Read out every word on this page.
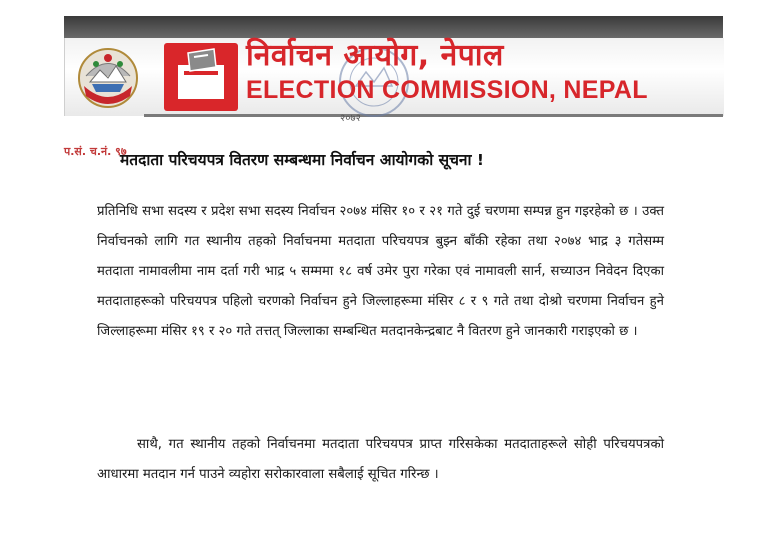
निर्वाचन आयोग, नेपाल
ELECTION COMMISSION, NEPAL
२०७२
प.सं. च.नं. ९७
मतदाता परिचयपत्र वितरण सम्बन्धमा निर्वाचन आयोगको सूचना !
प्रतिनिधि सभा सदस्य र प्रदेश सभा सदस्य निर्वाचन २०७४ मंसिर १० र २१ गते दुई चरणमा सम्पन्न हुन गइरहेको छ । उक्त निर्वाचनको लागि गत स्थानीय तहको निर्वाचनमा मतदाता परिचयपत्र बुझ्न बाँकी रहेका तथा २०७४ भाद्र ३ गतेसम्म मतदाता नामावलीमा नाम दर्ता गरी भाद्र ५ सम्ममा १८ वर्ष उमेर पुरा गरेका एवं नामावली सार्न, सच्याउन निवेदन दिएका मतदाताहरूको परिचयपत्र पहिलो चरणको निर्वाचन हुने जिल्लाहरूमा मंसिर ८ र ९ गते तथा दोश्रो चरणमा निर्वाचन हुने जिल्लाहरूमा मंसिर १९ र २० गते तत्तत् जिल्लाका सम्बन्धित मतदानकेन्द्रबाट नै वितरण हुने जानकारी गराइएको छ ।
साथै, गत स्थानीय तहको निर्वाचनमा मतदाता परिचयपत्र प्राप्त गरिसकेका मतदाताहरूले सोही परिचयपत्रको आधारमा मतदान गर्न पाउने व्यहोरा सरोकारवाला सबैलाई सूचित गरिन्छ ।
